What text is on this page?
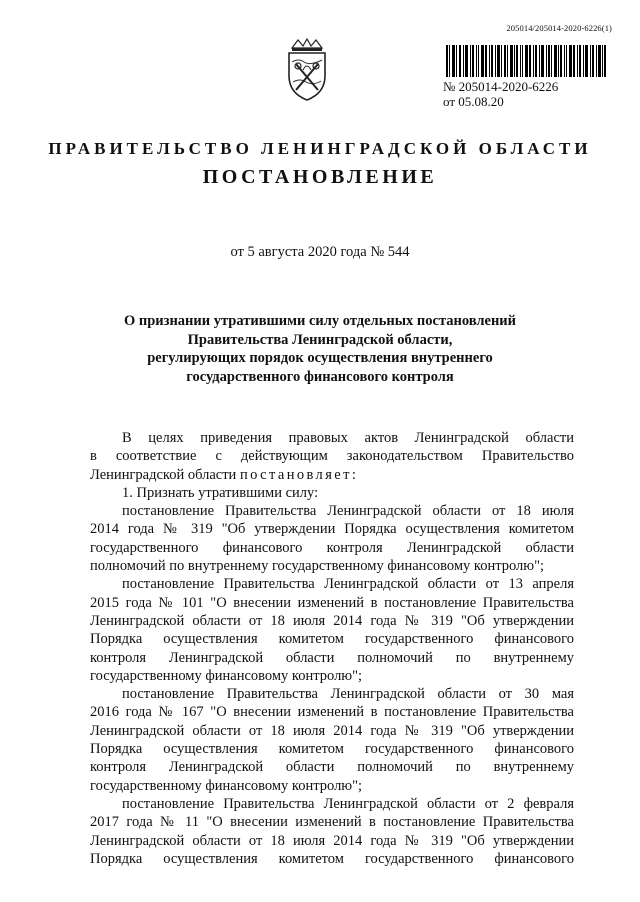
205014/205014-2020-6226(1)
№ 205014-2020-6226
от 05.08.20
ПРАВИТЕЛЬСТВО ЛЕНИНГРАДСКОЙ ОБЛАСТИ
ПОСТАНОВЛЕНИЕ
от 5 августа 2020 года № 544
О признании утратившими силу отдельных постановлений
Правительства Ленинградской области,
регулирующих порядок осуществления внутреннего
государственного финансового контроля
В целях приведения правовых актов Ленинградской области
в соответствие с действующим законодательством Правительство
Ленинградской области постановляет:
1. Признать утратившими силу:
постановление Правительства Ленинградской области от 18 июля
2014 года № 319 "Об утверждении Порядка осуществления комитетом
государственного финансового контроля Ленинградской области
полномочий по внутреннему государственному финансовому контролю";
постановление Правительства Ленинградской области от 13 апреля
2015 года № 101 "О внесении изменений в постановление Правительства
Ленинградской области от 18 июля 2014 года № 319 "Об утверждении
Порядка осуществления комитетом государственного финансового
контроля Ленинградской области полномочий по внутреннему
государственному финансовому контролю";
постановление Правительства Ленинградской области от 30 мая
2016 года № 167 "О внесении изменений в постановление Правительства
Ленинградской области от 18 июля 2014 года № 319 "Об утверждении
Порядка осуществления комитетом государственного финансового
контроля Ленинградской области полномочий по внутреннему
государственному финансовому контролю";
постановление Правительства Ленинградской области от 2 февраля
2017 года № 11 "О внесении изменений в постановление Правительства
Ленинградской области от 18 июля 2014 года № 319 "Об утверждении
Порядка осуществления комитетом государственного финансового
